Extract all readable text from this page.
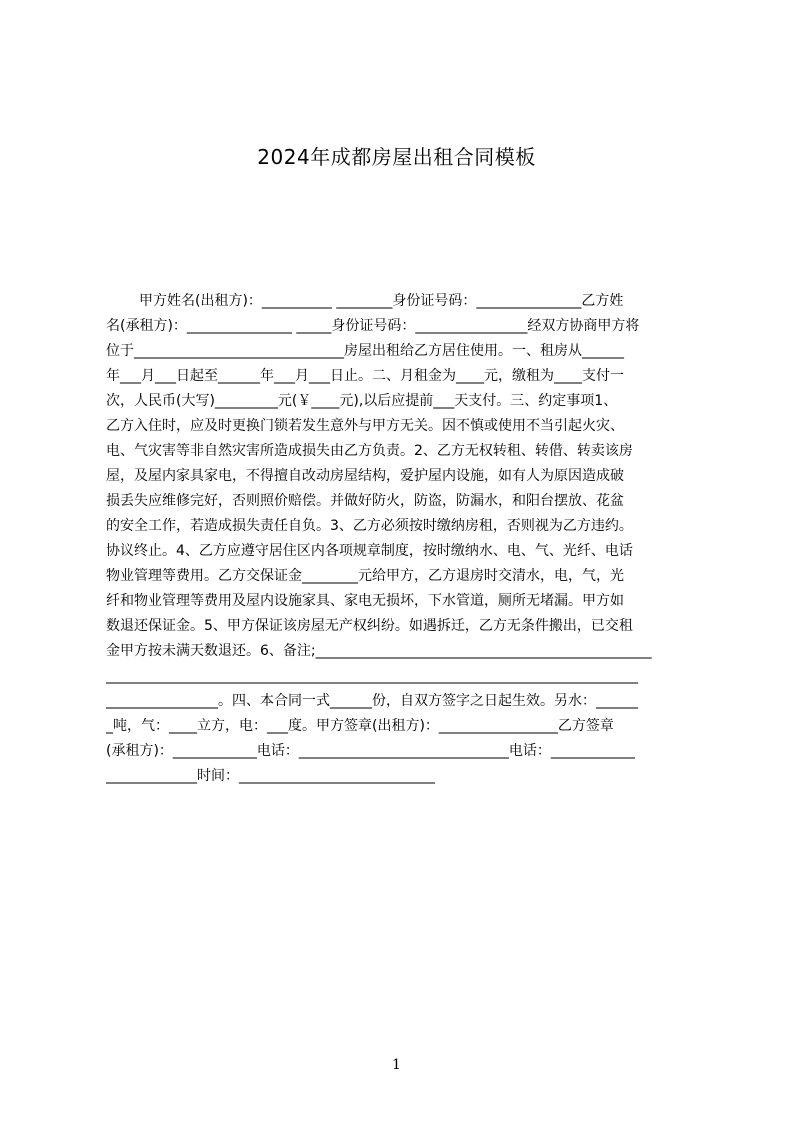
2024年成都房屋出租合同模板
甲方姓名(出租方)：__________ ________身份证号码：_______________乙方姓
名(承租方)：_______________ _____身份证号码：________________经双方协商甲方将
位于______________________________房屋出租给乙方居住使用。一、租房从______
年___月___日起至______年___月___日止。二、月租金为____元，缴租为____支付一
次，人民币(大写)_________元(￥____元),以后应提前___天支付。三、约定事项1、
乙方入住时，应及时更换门锁若发生意外与甲方无关。因不慎或使用不当引起火灾、
电、气灾害等非自然灾害所造成损失由乙方负责。2、乙方无权转租、转借、转卖该房
屋，及屋内家具家电，不得擅自改动房屋结构，爱护屋内设施，如有人为原因造成破
损丢失应维修完好，否则照价赔偿。并做好防火，防盗，防漏水，和阳台摆放、花盆
的安全工作，若造成损失责任自负。3、乙方必须按时缴纳房租，否则视为乙方违约。
协议终止。4、乙方应遵守居住区内各项规章制度，按时缴纳水、电、气、光纤、电话
物业管理等费用。乙方交保证金________元给甲方，乙方退房时交清水，电，气，光
纤和物业管理等费用及屋内设施家具、家电无损坏，下水管道，厕所无堵漏。甲方如
数退还保证金。5、甲方保证该房屋无产权纠纷。如遇拆迁，乙方无条件搬出，已交租
金甲方按未满天数退还。6、备注;________________________________________________
____________________________________________________________________________
________________。四、本合同一式______份，自双方签字之日起生效。另水：______
_吨，气：____立方，电：___度。甲方签章(出租方)：_________________乙方签章
(承租方)：____________电话：______________________________电话：____________
_____________时间：____________________________
1
